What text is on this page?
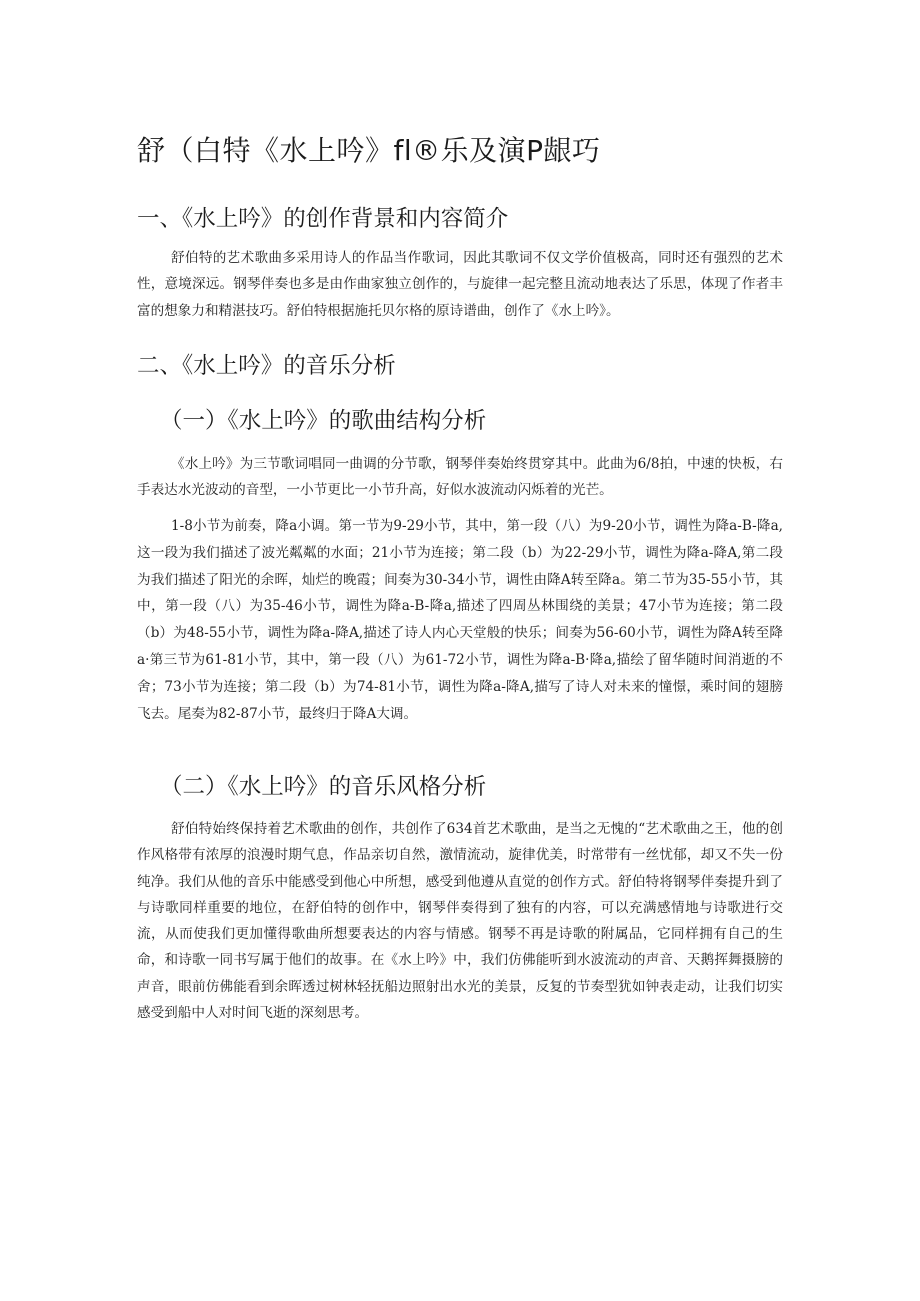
舒（白特《水上吟》fl®乐及演P龈巧
一、《水上吟》的创作背景和内容简介

舒伯特的艺术歌曲多采用诗人的作品当作歌词，因此其歌词不仅文学价值极高，同时还有强烈的艺术性，意境深远。钢琴伴奏也多是由作曲家独立创作的，与旋律一起完整且流动地表达了乐思，体现了作者丰富的想象力和精湛技巧。舒伯特根据施托贝尔格的原诗谱曲，创作了《水上吟》。

二、《水上吟》的音乐分析
（一）《水上吟》的歌曲结构分析

《水上吟》为三节歌词唱同一曲调的分节歌，钢琴伴奏始终贯穿其中。此曲为6/8拍，中速的快板，右手表达水光波动的音型，一小节更比一小节升高，好似水波流动闪烁着的光芒。

1-8小节为前奏，降a小调。第一节为9-29小节，其中，第一段（八）为9-20小节，调性为降a-B-降a,这一段为我们描述了波光粼粼的水面；21小节为连接；第二段（b）为22-29小节，调性为降a-降A,第二段为我们描述了阳光的余晖，灿烂的晚霞；间奏为30-34小节，调性由降A转至降a。第二节为35-55小节，其中，第一段（八）为35-46小节，调性为降a-B-降a,描述了四周丛林围绕的美景；47小节为连接；第二段（b）为48-55小节，调性为降a-降A,描述了诗人内心天堂般的快乐；间奏为56-60小节，调性为降A转至降a·第三节为61-81小节，其中，第一段（八）为61-72小节，调性为降a-B·降a,描绘了留华随时间消逝的不舍；73小节为连接；第二段（b）为74-81小节，调性为降a-降A,描写了诗人对未来的憧憬，乘时间的翅膀飞去。尾奏为82-87小节，最终归于降A大调。

（二）《水上吟》的音乐风格分析

舒伯特始终保持着艺术歌曲的创作，共创作了634首艺术歌曲，是当之无愧的“艺术歌曲之王，他的创作风格带有浓厚的浪漫时期气息，作品亲切自然，激情流动，旋律优美，时常带有一丝忧郁，却又不失一份纯净。我们从他的音乐中能感受到他心中所想，感受到他遵从直觉的创作方式。舒伯特将钢琴伴奏提升到了与诗歌同样重要的地位，在舒伯特的创作中，钢琴伴奏得到了独有的内容，可以充满感情地与诗歌进行交流，从而使我们更加懂得歌曲所想要表达的内容与情感。钢琴不再是诗歌的附属品，它同样拥有自己的生命，和诗歌一同书写属于他们的故事。在《水上吟》中，我们仿佛能听到水波流动的声音、天鹅挥舞摄膀的声音，眼前仿佛能看到余晖透过树林轻抚船边照射出水光的美景，反复的节奏型犹如钟表走动，让我们切实感受到船中人对时间飞逝的深刻思考。
